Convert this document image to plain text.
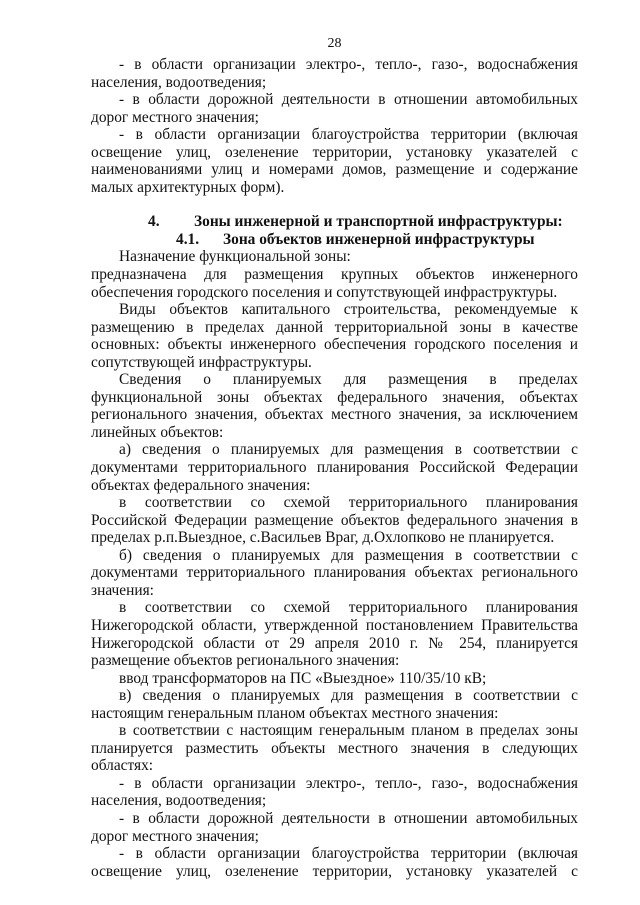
28

- в области организации электро-, тепло-, газо-, водоснабжения населения, водоотведения;

- в области дорожной деятельности в отношении автомобильных дорог местного значения;

- в области организации благоустройства территории (включая освещение улиц, озеленение территории, установку указателей с наименованиями улиц и номерами домов, размещение и содержание малых архитектурных форм).

4.	Зоны инженерной и транспортной инфраструктуры:
4.1.	Зона объектов инженерной инфраструктуры

Назначение функциональной зоны:

предназначена для размещения крупных объектов инженерного обеспечения городского поселения и сопутствующей инфраструктуры.

Виды объектов капитального строительства, рекомендуемые к размещению в пределах данной территориальной зоны в качестве основных: объекты инженерного обеспечения городского поселения и сопутствующей инфраструктуры.

Сведения о планируемых для размещения в пределах функциональной зоны объектах федерального значения, объектах регионального значения, объектах местного значения, за исключением линейных объектов:

а) сведения о планируемых для размещения в соответствии с документами территориального планирования Российской Федерации объектах федерального значения:

в соответствии со схемой территориального планирования Российской Федерации размещение объектов федерального значения в пределах р.п.Выездное, с.Васильев Враг, д.Охлопково не планируется.

б) сведения о планируемых для размещения в соответствии с документами территориального планирования объектах регионального значения:

в соответствии со схемой территориального планирования Нижегородской области, утвержденной постановлением Правительства Нижегородской области от 29 апреля 2010 г. № 254, планируется размещение объектов регионального значения:

ввод трансформаторов на ПС «Выездное» 110/35/10 кВ;

в) сведения о планируемых для размещения в соответствии с настоящим генеральным планом объектах местного значения:

в соответствии с настоящим генеральным планом в пределах зоны планируется разместить объекты местного значения в следующих областях:

- в области организации электро-, тепло-, газо-, водоснабжения населения, водоотведения;

- в области дорожной деятельности в отношении автомобильных дорог местного значения;

- в области организации благоустройства территории (включая освещение улиц, озеленение территории, установку указателей с
